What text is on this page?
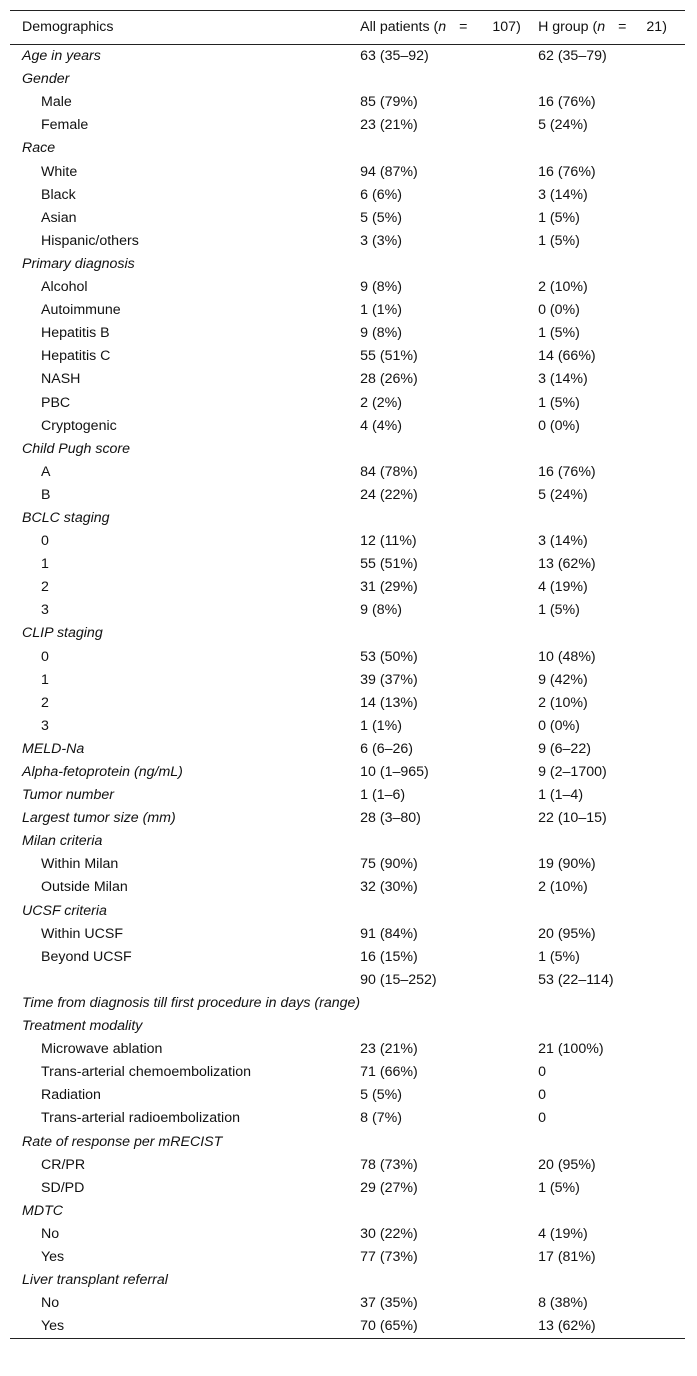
Demographics	All patients (n = 107)	H group (n = 21)
Age in years	63 (35–92)	62 (35–79)
Gender		
Male	85 (79%)	16 (76%)
Female	23 (21%)	5 (24%)
Race		
White	94 (87%)	16 (76%)
Black	6 (6%)	3 (14%)
Asian	5 (5%)	1 (5%)
Hispanic/others	3 (3%)	1 (5%)
Primary diagnosis		
Alcohol	9 (8%)	2 (10%)
Autoimmune	1 (1%)	0 (0%)
Hepatitis B	9 (8%)	1 (5%)
Hepatitis C	55 (51%)	14 (66%)
NASH	28 (26%)	3 (14%)
PBC	2 (2%)	1 (5%)
Cryptogenic	4 (4%)	0 (0%)
Child Pugh score		
A	84 (78%)	16 (76%)
B	24 (22%)	5 (24%)
BCLC staging		
0	12 (11%)	3 (14%)
1	55 (51%)	13 (62%)
2	31 (29%)	4 (19%)
3	9 (8%)	1 (5%)
CLIP staging		
0	53 (50%)	10 (48%)
1	39 (37%)	9 (42%)
2	14 (13%)	2 (10%)
3	1 (1%)	0 (0%)
MELD-Na	6 (6–26)	9 (6–22)
Alpha-fetoprotein (ng/mL)	10 (1–965)	9 (2–1700)
Tumor number	1 (1–6)	1 (1–4)
Largest tumor size (mm)	28 (3–80)	22 (10–15)
Milan criteria		
Within Milan	75 (90%)	19 (90%)
Outside Milan	32 (30%)	2 (10%)
UCSF criteria		
Within UCSF	91 (84%)	20 (95%)
Beyond UCSF	16 (15%)	1 (5%)
	90 (15–252)	53 (22–114)
Time from diagnosis till first procedure in days (range)		
Treatment modality		
Microwave ablation	23 (21%)	21 (100%)
Trans-arterial chemoembolization	71 (66%)	0
Radiation	5 (5%)	0
Trans-arterial radioembolization	8 (7%)	0
Rate of response per mRECIST		
CR/PR	78 (73%)	20 (95%)
SD/PD	29 (27%)	1 (5%)
MDTC		
No	30 (22%)	4 (19%)
Yes	77 (73%)	17 (81%)
Liver transplant referral		
No	37 (35%)	8 (38%)
Yes	70 (65%)	13 (62%)
